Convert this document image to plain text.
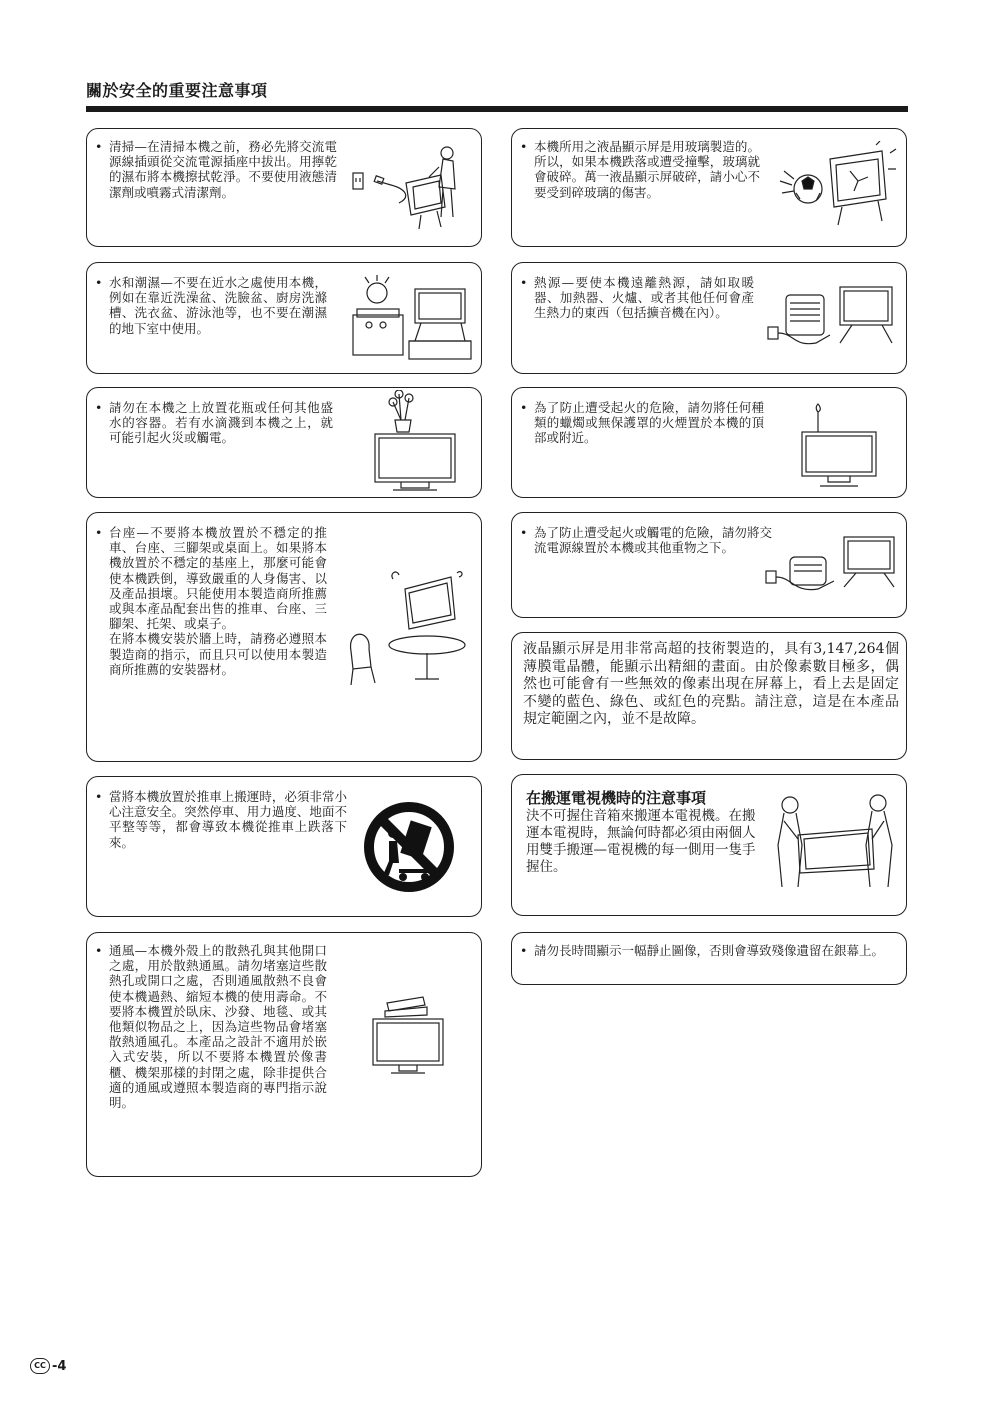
關於安全的重要注意事項
• 清掃—在清掃本機之前，務必先將交流電源線插頭從交流電源插座中拔出。用擰乾的濕布將本機擦拭乾淨。不要使用液態清潔劑或噴霧式清潔劑。
• 水和潮濕—不要在近水之處使用本機，例如在靠近洗澡盆、洗臉盆、廚房洗滌槽、洗衣盆、游泳池等，也不要在潮濕的地下室中使用。
• 請勿在本機之上放置花瓶或任何其他盛水的容器。若有水滴濺到本機之上，就可能引起火災或觸電。
• 台座—不要將本機放置於不穩定的推車、台座、三腳架或桌面上。如果將本機放置於不穩定的基座上，那麼可能會使本機跌倒，導致嚴重的人身傷害、以及產品損壞。只能使用本製造商所推薦或與本產品配套出售的推車、台座、三腳架、托架、或桌子。
在將本機安裝於牆上時，請務必遵照本製造商的指示，而且只可以使用本製造商所推薦的安裝器材。
• 當將本機放置於推車上搬運時，必須非常小心注意安全。突然停車、用力過度、地面不平整等等，都會導致本機從推車上跌落下來。
• 通風—本機外殼上的散熱孔與其他開口之處，用於散熱通風。請勿堵塞這些散熱孔或開口之處，否則通風散熱不良會使本機過熱、縮短本機的使用壽命。不要將本機置於臥床、沙發、地毯、或其他類似物品之上，因為這些物品會堵塞散熱通風孔。本產品之設計不適用於嵌入式安裝，所以不要將本機置於像書櫃、機架那樣的封閉之處，除非提供合適的通風或遵照本製造商的專門指示說明。
• 本機所用之液晶顯示屏是用玻璃製造的。所以，如果本機跌落或遭受撞擊，玻璃就會破碎。萬一液晶顯示屏破碎，請小心不要受到碎玻璃的傷害。
• 熱源—要使本機遠離熱源，請如取暖器、加熱器、火爐、或者其他任何會產生熱力的東西（包括擴音機在內）。
• 為了防止遭受起火的危險，請勿將任何種類的蠟燭或無保護罩的火煙置於本機的頂部或附近。
• 為了防止遭受起火或觸電的危險，請勿將交流電源線置於本機或其他重物之下。
液晶顯示屏是用非常高超的技術製造的，具有3,147,264個薄膜電晶體，能顯示出精細的畫面。由於像素數目極多，偶然也可能會有一些無效的像素出現在屏幕上，看上去是固定不變的藍色、綠色、或紅色的亮點。請注意，這是在本產品規定範圍之內，並不是故障。
在搬運電視機時的注意事項
決不可握住音箱來搬運本電視機。在搬運本電視時，無論何時都必須由兩個人用雙手搬運—電視機的每一側用一隻手握住。
• 請勿長時間顯示一幅靜止圖像，否則會導致殘像遺留在銀幕上。
CC -4
